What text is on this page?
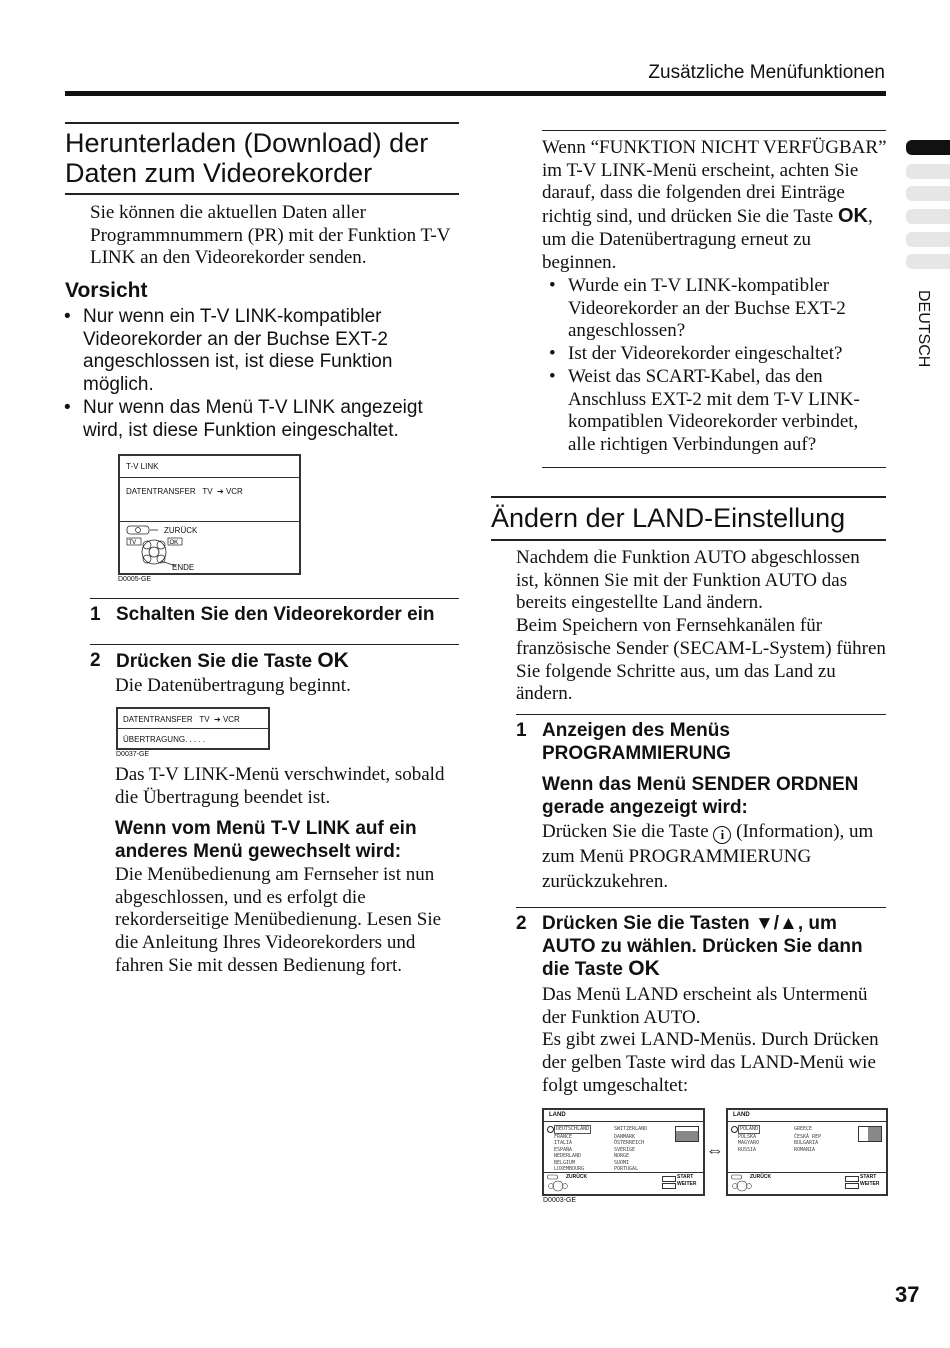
Zusätzliche Menüfunktionen
DEUTSCH
Herunterladen (Download) der Daten zum Videorekorder
Sie können die aktuellen Daten aller Programmnummern (PR) mit der Funktion T-V LINK an den Videorekorder senden.
Vorsicht
• Nur wenn ein T-V LINK-kompatibler Videorekorder an der Buchse EXT-2 angeschlossen ist, ist diese Funktion möglich.
• Nur wenn das Menü T-V LINK angezeigt wird, ist diese Funktion eingeschaltet.
T-V LINK
DATENTRANSFER TV ➔ VCR
TV	OK
ZURÜCK
ENDE
D0005-GE
1 Schalten Sie den Videorekorder ein
2 Drücken Sie die Taste OK
Die Datenübertragung beginnt.
DATENTRANSFER TV ➔ VCR
ÜBERTRAGUNG. . . . .
D0037-GE
Das T-V LINK-Menü verschwindet, sobald die Übertragung beendet ist.
Wenn vom Menü T-V LINK auf ein anderes Menü gewechselt wird:
Die Menübedienung am Fernseher ist nun abgeschlossen, und es erfolgt die rekorderseitige Menübedienung. Lesen Sie die Anleitung Ihres Videorekorders und fahren Sie mit dessen Bedienung fort.
Wenn “FUNKTION NICHT VERFÜGBAR” im T-V LINK-Menü erscheint, achten Sie darauf, dass die folgenden drei Einträge richtig sind, und drücken Sie die Taste OK, um die Datenübertragung erneut zu beginnen.
• Wurde ein T-V LINK-kompatibler Videorekorder an der Buchse EXT-2 angeschlossen?
• Ist der Videorekorder eingeschaltet?
• Weist das SCART-Kabel, das den Anschluss EXT-2 mit dem T-V LINK-kompatiblen Videorekorder verbindet, alle richtigen Verbindungen auf?
Ändern der LAND-Einstellung
Nachdem die Funktion AUTO abgeschlossen ist, können Sie mit der Funktion AUTO das bereits eingestellte Land ändern.
Beim Speichern von Fernsehkanälen für französische Sender (SECAM-L-System) führen Sie folgende Schritte aus, um das Land zu ändern.
1 Anzeigen des Menüs PROGRAMMIERUNG
Wenn das Menü SENDER ORDNEN gerade angezeigt wird:
Drücken Sie die Taste i (Information), um zum Menü PROGRAMMIERUNG zurückzukehren.
2 Drücken Sie die Tasten ▼/▲, um AUTO zu wählen. Drücken Sie dann die Taste OK
Das Menü LAND erscheint als Untermenü der Funktion AUTO.
Es gibt zwei LAND-Menüs. Durch Drücken der gelben Taste wird das LAND-Menü wie folgt umgeschaltet:
LAND
DEUTSCHLAND
FRANCE
ITALIA
ESPAÑA
NEDERLAND
BELGIUM
LUXEMBOURG
SWITZERLAND
DANMARK
ÖSTERREICH
SVERIGE
NORGE
SUOMI
PORTUGAL
ZURÜCK	START
WEITER
D0003-GE
⇔
LAND
POLAND
POLSKA
MAGYARO
RUSSIA
GREECE
ČESKÁ REP
BULGARIA
ROMANIA
ZURÜCK	START
WEITER
37
